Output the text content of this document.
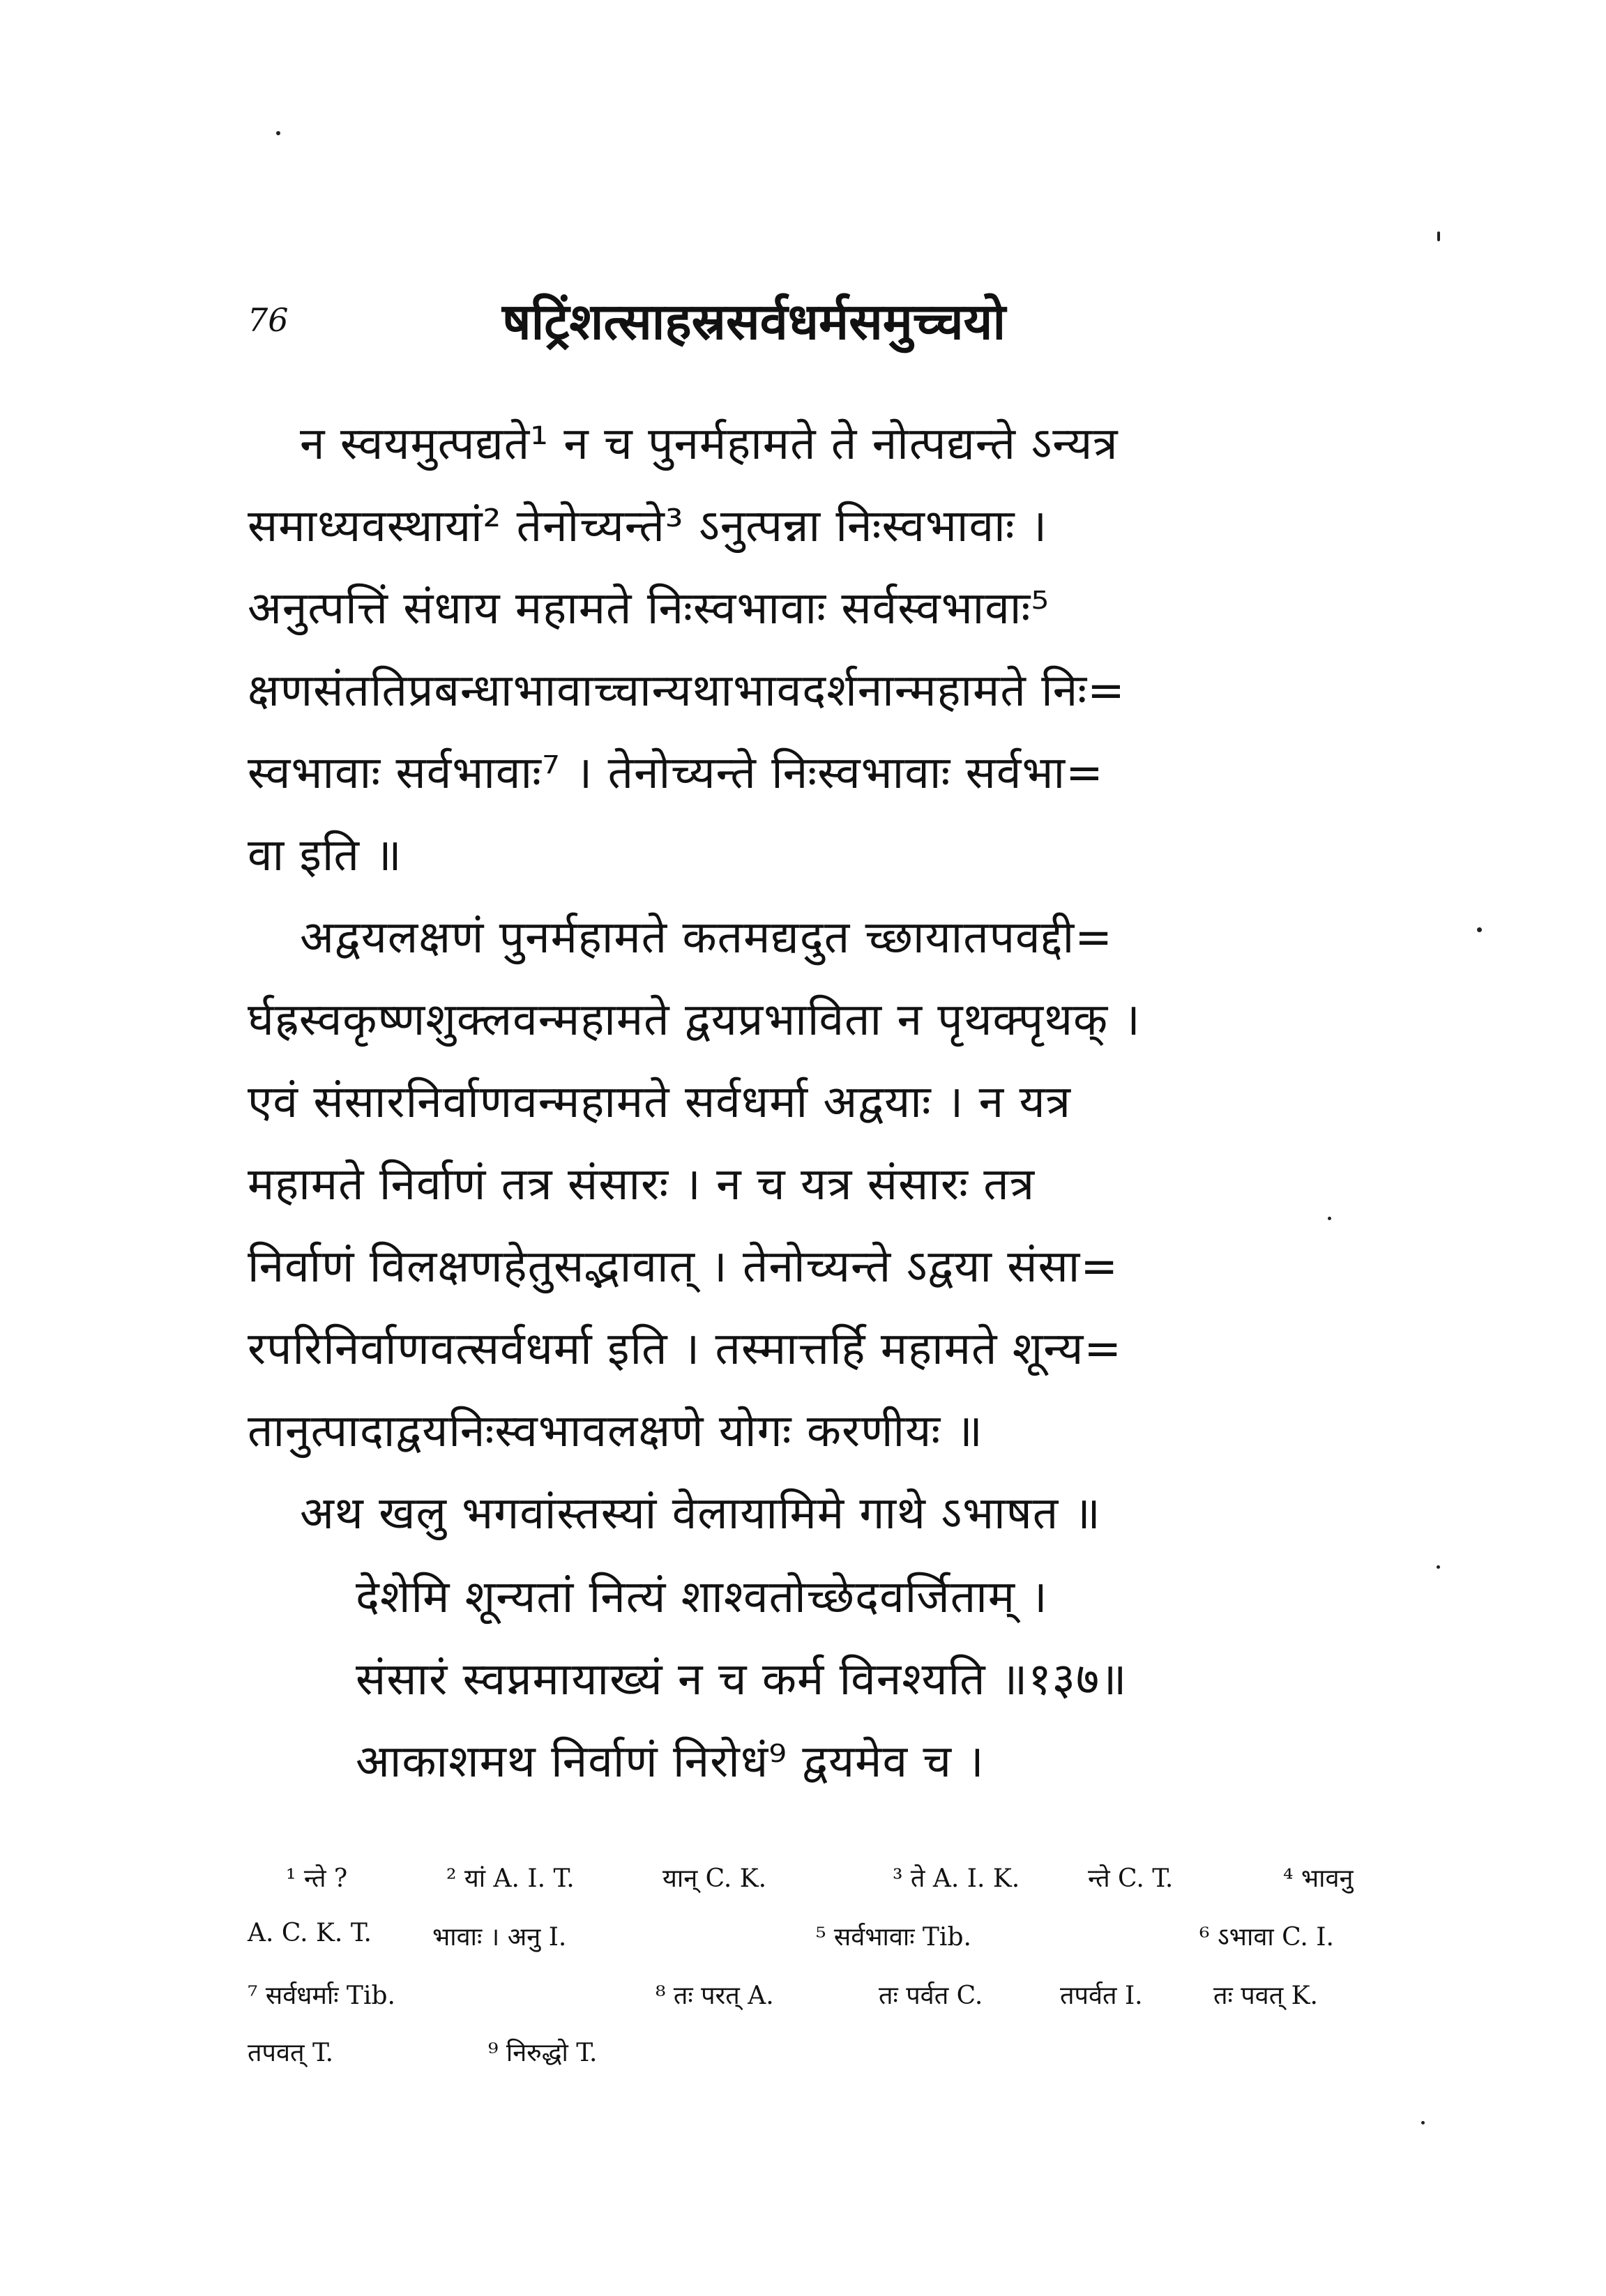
76	षट्रिंशत्साहस्रसर्वधर्मसमुच्चयो
न स्वयमुत्पद्यते¹ न च पुनर्महामते ते नोत्पद्यन्ते ऽन्यत्र
समाध्यवस्थायां² तेनोच्यन्ते³ ऽनुत्पन्ना निःस्वभावाः ।
अनुत्पत्तिं संधाय महामते निःस्वभावाः सर्वस्वभावाः⁵
क्षणसंततिप्रबन्धाभावाच्चान्यथाभावदर्शनान्महामते निः=
स्वभावाः सर्वभावाः⁷ । तेनोच्यन्ते निःस्वभावाः सर्वभा=
वा इति ॥
अद्वयलक्षणं पुनर्महामते कतमद्यदुत च्छायातपवद्दी=
र्घह्रस्वकृष्णशुक्लवन्महामते द्वयप्रभाविता न पृथक्पृथक् ।
एवं संसारनिर्वाणवन्महामते सर्वधर्मा अद्वयाः । न यत्र
महामते निर्वाणं तत्र संसारः । न च यत्र संसारः तत्र
निर्वाणं विलक्षणहेतुसद्भावात् । तेनोच्यन्ते ऽद्वया संसा=
रपरिनिर्वाणवत्सर्वधर्मा इति । तस्मात्तर्हि महामते शून्य=
तानुत्पादाद्वयनिःस्वभावलक्षणे योगः करणीयः ॥
अथ खलु भगवांस्तस्यां वेलायामिमे गाथे ऽभाषत ॥
देशेमि शून्यतां नित्यं शाश्वतोच्छेदवर्जिताम् ।
संसारं स्वप्नमायाख्यं न च कर्म विनश्यति ॥१३७॥
आकाशमथ निर्वाणं निरोधं⁹ द्वयमेव च ।
¹ न्ते ?	² यां A. I. T.	यान् C. K.	³ ते A. I. K.	न्ते C. T.	⁴ भावनु
A. C. K. T. भावाः । अनु I.	⁵ सर्वभावाः Tib.	⁶ ऽभावा C. I.
⁷ सर्वधर्माः Tib.	⁸ तः परत् A.	तः पर्वत C.	तपर्वत I.	तः पवत् K.
तपवत् T.	⁹ निरुद्धो T.
